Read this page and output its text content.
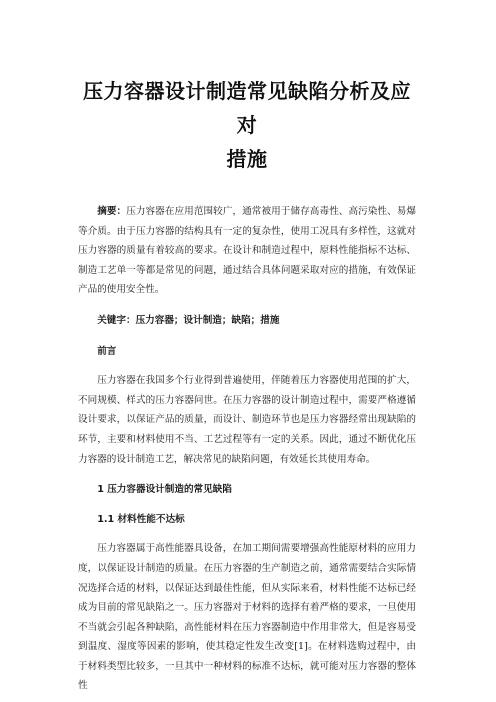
压力容器设计制造常见缺陷分析及应对
措施
摘要：压力容器在应用范围较广，通常被用于储存高毒性、高污染性、易爆等介质。由于压力容器的结构具有一定的复杂性，使用工况具有多样性，这就对压力容器的质量有着较高的要求。在设计和制造过程中，原料性能指标不达标、制造工艺单一等都是常见的问题，通过结合具体问题采取对应的措施，有效保证产品的使用安全性。
关键字：压力容器；设计制造；缺陷；措施
前言
压力容器在我国多个行业得到普遍使用，伴随着压力容器使用范围的扩大，不同规模、样式的压力容器问世。在压力容器的设计制造过程中，需要严格遵循设计要求，以保证产品的质量，而设计、制造环节也是压力容器经常出现缺陷的环节，主要和材料使用不当、工艺过程等有一定的关系。因此，通过不断优化压力容器的设计制造工艺，解决常见的缺陷问题，有效延长其使用寿命。
1 压力容器设计制造的常见缺陷
1.1 材料性能不达标
压力容器属于高性能器具设备，在加工期间需要增强高性能原材料的应用力度，以保证设计制造的质量。在压力容器的生产制造之前，通常需要结合实际情况选择合适的材料，以保证达到最佳性能，但从实际来看，材料性能不达标已经成为目前的常见缺陷之一。压力容器对于材料的选择有着严格的要求，一旦使用不当就会引起各种缺陷，高性能材料在压力容器制造中作用非常大，但是容易受到温度、湿度等因素的影响，使其稳定性发生改变[1]。在材料选购过程中，由于材料类型比较多，一旦其中一种材料的标准不达标，就可能对压力容器的整体性
